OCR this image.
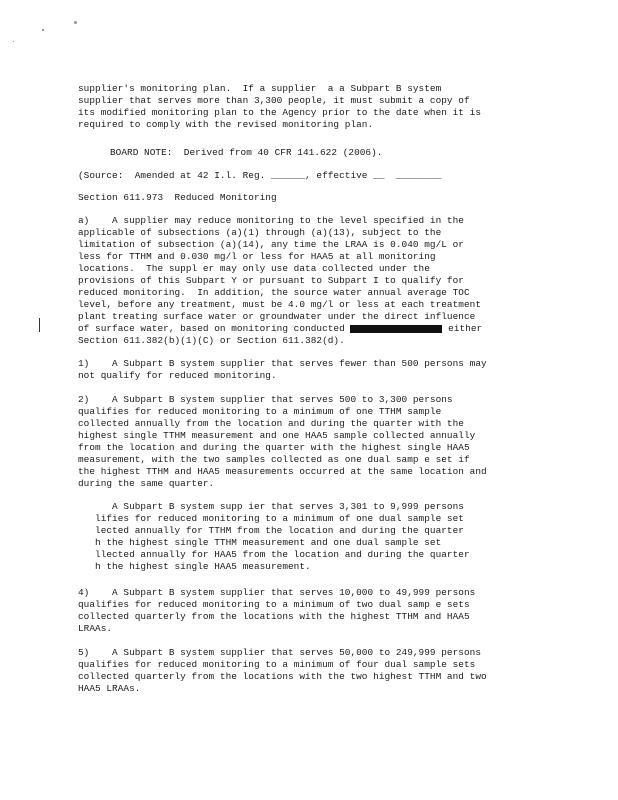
supplier's monitoring plan.  If a supplier  a a Subpart B system
supplier that serves more than 3,300 people, it must submit a copy of
its modified monitoring plan to the Agency prior to the date when it is
required to comply with the revised monitoring plan.
BOARD NOTE:  Derived from 40 CFR 141.622 (2006).
(Source:  Amended at 42 I.l. Reg. ______, effective __  ________
Section 611.973  Reduced Monitoring
a)    A supplier may reduce monitoring to the level specified in the
applicable of subsections (a)(1) through (a)(13), subject to the
limitation of subsection (a)(14), any time the LRAA is 0.040 mg/L or
less for TTHM and 0.030 mg/l or less for HAA5 at all monitoring
locations.  The suppl er may only use data collected under the
provisions of this Subpart Y or pursuant to Subpart I to qualify for
reduced monitoring.  In addition, the source water annual average TOC
level, before any treatment, must be 4.0 mg/l or less at each treatment
plant treating surface water or groundwater under the direct influence
of surface water, based on monitoring conducted	either
Section 611.382(b)(1)(C) or Section 611.382(d).
1)    A Subpart B system supplier that serves fewer than 500 persons may
not qualify for reduced monitoring.
2)    A Subpart B system supplier that serves 500 to 3,300 persons
qualifies for reduced monitoring to a minimum of one TTHM sample
collected annually from the location and during the quarter with the
highest single TTHM measurement and one HAA5 sample collected annually
from the location and during the quarter with the highest single HAA5
measurement, with the two samples collected as one dual samp e set if
the highest TTHM and HAA5 measurements occurred at the same location and
during the same quarter.
A Subpart B system supp ier that serves 3,301 to 9,999 persons
lifies for reduced monitoring to a minimum of one dual sample set
lected annually for TTHM from the location and during the quarter
h the highest single TTHM measurement and one dual sample set
llected annually for HAA5 from the location and during the quarter
h the highest single HAA5 measurement.
4)    A Subpart B system supplier that serves 10,000 to 49,999 persons
qualifies for reduced monitoring to a minimum of two dual samp e sets
collected quarterly from the locations with the highest TTHM and HAA5
LRAAs.
5)    A Subpart B system supplier that serves 50,000 to 249,999 persons
qualifies for reduced monitoring to a minimum of four dual sample sets
collected quarterly from the locations with the two highest TTHM and two
HAA5 LRAAs.
